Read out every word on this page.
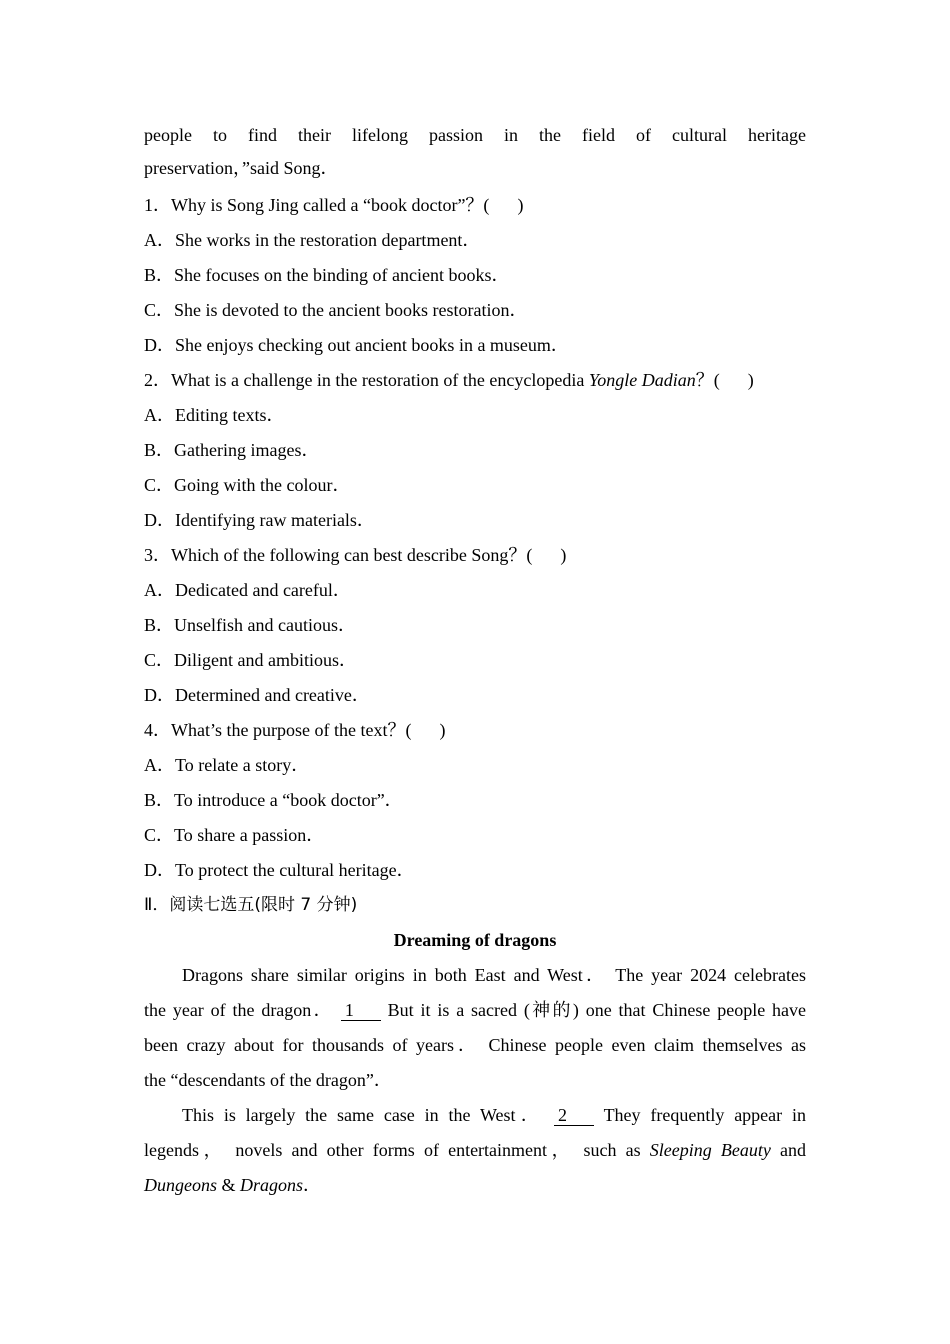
people to find their lifelong passion in the field of cultural heritage
preservation，”said Song．
1．Why is Song Jing called a “book doctor”？( )
A．She works in the restoration department．
B．She focuses on the binding of ancient books．
C．She is devoted to the ancient books restoration．
D．She enjoys checking out ancient books in a museum．
2．What is a challenge in the restoration of the encyclopedia Yongle Dadian？( )
A．Editing texts．
B．Gathering images．
C．Going with the colour．
D．Identifying raw materials．
3．Which of the following can best describe Song？( )
A．Dedicated and careful．
B．Unselfish and cautious．
C．Diligent and ambitious．
D．Determined and creative．
4．What’s the purpose of the text？( )
A．To relate a story．
B．To introduce a “book doctor”．
C．To share a passion．
D．To protect the cultural heritage．
Ⅱ．阅读七选五(限时 7 分钟)
Dreaming of dragons
Dragons share similar origins in both East and West． The year 2024 celebrates
the year of the dragon． 1 But it is a sacred (神的) one that Chinese people have
been crazy about for thousands of years． Chinese people even claim themselves as
the “descendants of the dragon”．
This is largely the same case in the West． 2 They frequently appear in
legends， novels and other forms of entertainment， such as Sleeping Beauty and
Dungeons & Dragons．
